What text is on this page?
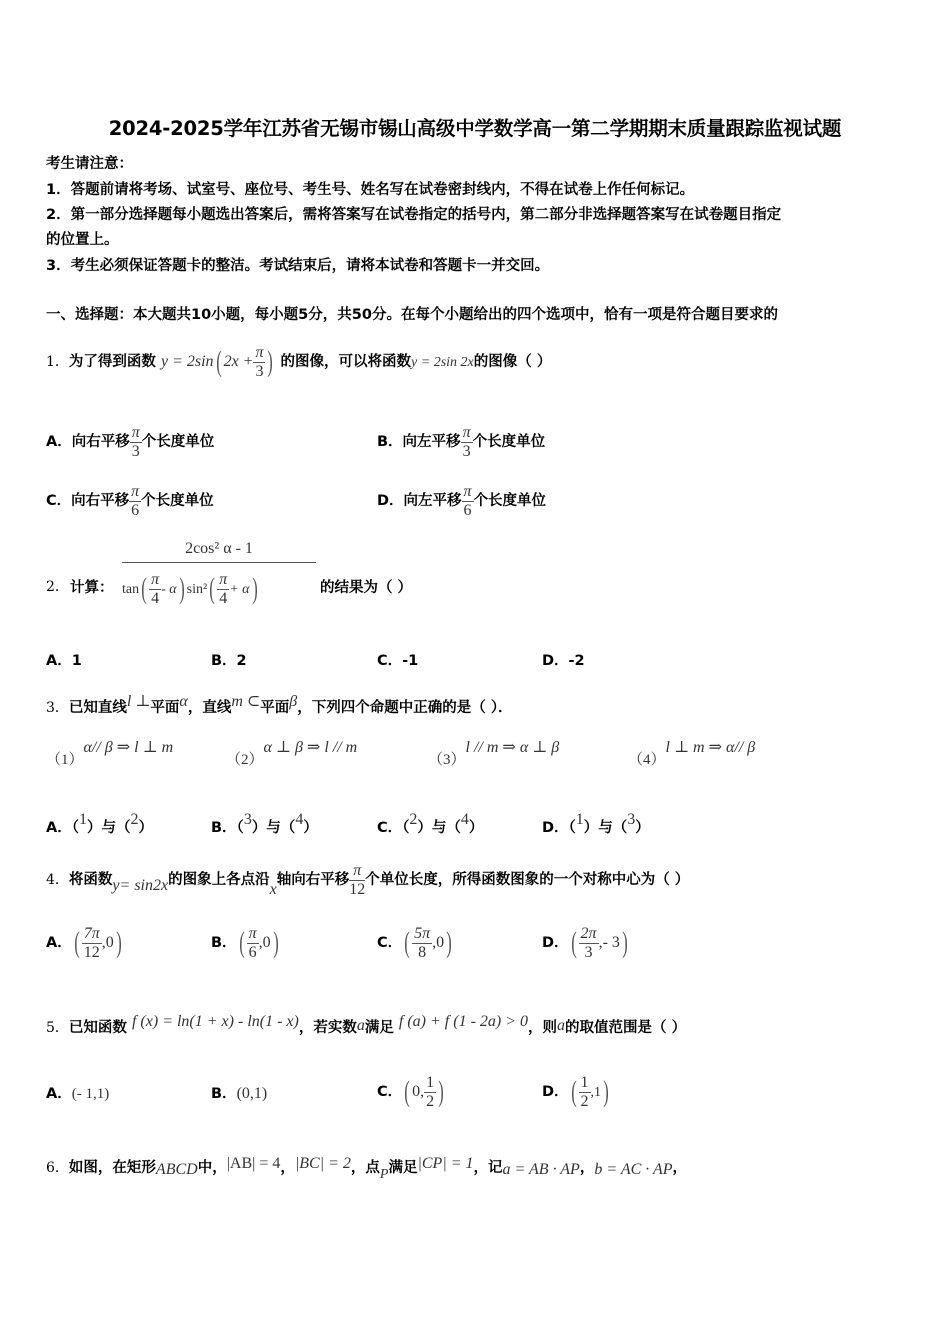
2024-2025学年江苏省无锡市锡山高级中学数学高一第二学期期末质量跟踪监视试题
考生请注意：
1．答题前请将考场、试室号、座位号、考生号、姓名写在试卷密封线内，不得在试卷上作任何标记。
2．第一部分选择题每小题选出答案后，需将答案写在试卷指定的括号内，第二部分非选择题答案写在试卷题目指定
的位置上。
3．考生必须保证答题卡的整洁。考试结束后，请将本试卷和答题卡一并交回。
一、选择题：本大题共10小题，每小题5分，共50分。在每个小题给出的四个选项中，恰有一项是符合题目要求的
1．为了得到函数 y = 2sin( $2x + \frac{\pi}{3}$ ) 的图像，可以将函数y = 2sin 2x的图像（ ）
A．向右平移 $\frac{\pi}{3}$ 个长度单位	B．向左平移 $\frac{\pi}{3}$ 个长度单位
C．向右平移 $\frac{\pi}{6}$ 个长度单位	D．向左平移 $\frac{\pi}{6}$ 个长度单位
2． 计算：
2cos² α - 1
$\tan( \frac{\pi}{4} - \alpha)$ $\sin^2( \frac{\pi}{4} + \alpha)$	的结果为（ ）
A．1	B．2	C．-1	D．-2
3．已知直线l ⊥平面α，直线m ⊂平面β，下列四个命题中正确的是（ ）．
（1）α// β ⇒ l ⊥ m
（2）α ⊥ β ⇒ l // m
（3）l // m ⇒ α ⊥ β
（4）l ⊥ m ⇒ α// β
A．（1）与（2）	B．（3）与（4）	C．（2）与（4）	D．（1）与（3）
4．将函数y= sin2x的图象上各点沿x轴向右平移 $\frac{\pi}{12}$ 个单位长度，所得函数图象的一个对称中心为（ ）
A．( $\frac{7\pi}{12} ,0$)	B．( $\frac{\pi}{6} ,0$)	C．( $\frac{5\pi}{8} ,0$)	D．( $\frac{2\pi}{3}$ ,- 3)
5．已知函数 f (x) = ln(1 + x) - ln(1 - x)，若实数a满足 f (a) + f (1 - 2a) > 0，则a的取值范围是（ ）
A．(- 1,1)	B．(0,1)	C．( 0, $\frac{1}{2}$ )	D．( $\frac{1}{2} ,1$)
6．如图，在矩形ABCD中，|AB| = 4，|BC| = 2，点P满足|CP| = 1，记a = AB · AP，b = AC · AP，
